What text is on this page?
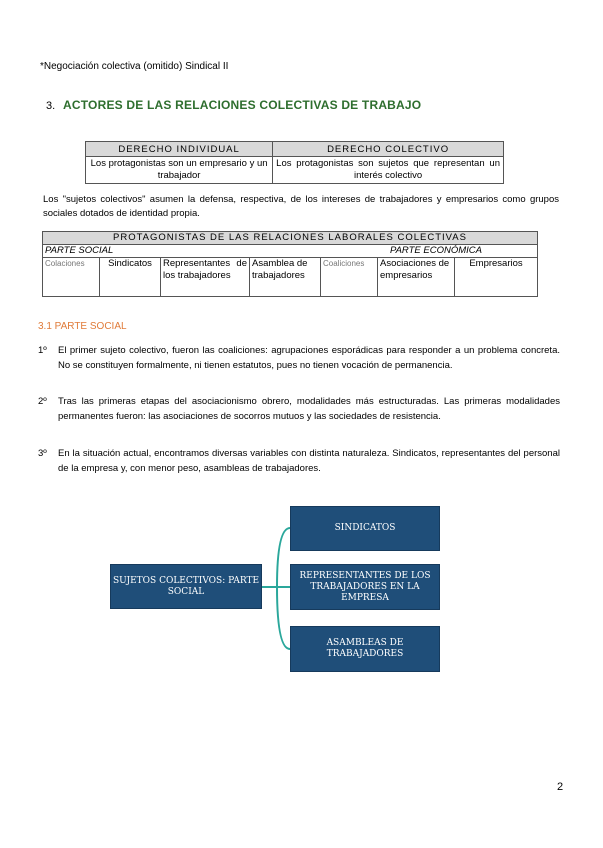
*Negociación colectiva (omitido) Sindical II
3. ACTORES DE LAS RELACIONES COLECTIVAS DE TRABAJO
DERECHO INDIVIDUAL	DERECHO COLECTIVO
Los protagonistas son un empresario y un trabajador	Los protagonistas son sujetos que representan un interés colectivo
Los "sujetos colectivos" asumen la defensa, respectiva, de los intereses de trabajadores y empresarios como grupos sociales dotados de identidad propia.
PROTAGONISTAS DE LAS RELACIONES LABORALES COLECTIVAS						
PARTE SOCIAL				PARTE ECONÓMICA		
Colaciones	Sindicatos	Representantes de los trabajadores	Asamblea de trabajadores	Coaliciones	Asociaciones de empresarios	Empresarios
3.1 PARTE SOCIAL
1º El primer sujeto colectivo, fueron las coaliciones: agrupaciones esporádicas para responder a un problema concreta. No se constituyen formalmente, ni tienen estatutos, pues no tienen vocación de permanencia.
2º Tras las primeras etapas del asociacionismo obrero, modalidades más estructuradas. Las primeras modalidades permanentes fueron: las asociaciones de socorros mutuos y las sociedades de resistencia.
3º En la situación actual, encontramos diversas variables con distinta naturaleza. Sindicatos, representantes del personal de la empresa y, con menor peso, asambleas de trabajadores.
SUJETOS COLECTIVOS: PARTE SOCIAL
SINDICATOS
REPRESENTANTES DE LOS TRABAJADORES EN LA EMPRESA
ASAMBLEAS DE TRABAJADORES
2
